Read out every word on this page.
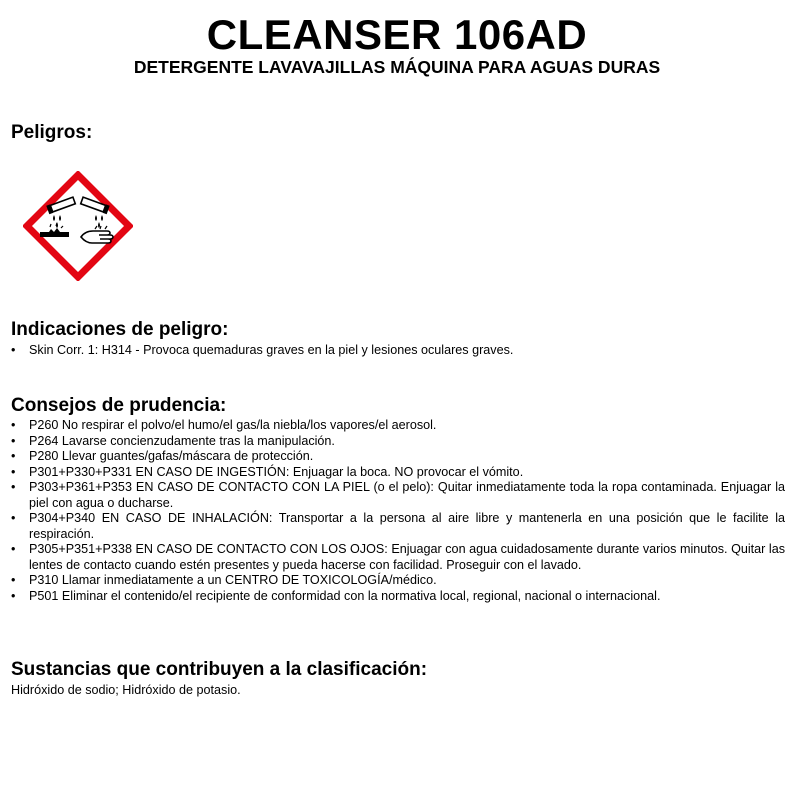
CLEANSER 106AD
DETERGENTE LAVAVAJILLAS MÁQUINA PARA AGUAS DURAS
Peligros:
Indicaciones de peligro:
• Skin Corr. 1: H314 - Provoca quemaduras graves en la piel y lesiones oculares graves.
Consejos de prudencia:
• P260 No respirar el polvo/el humo/el gas/la niebla/los vapores/el aerosol.
• P264 Lavarse concienzudamente tras la manipulación.
• P280 Llevar guantes/gafas/máscara de protección.
• P301+P330+P331 EN CASO DE INGESTIÓN: Enjuagar la boca. NO provocar el vómito.
• P303+P361+P353 EN CASO DE CONTACTO CON LA PIEL (o el pelo): Quitar inmediatamente toda la ropa contaminada. Enjuagar la piel con agua o ducharse.
• P304+P340 EN CASO DE INHALACIÓN: Transportar a la persona al aire libre y mantenerla en una posición que le facilite la respiración.
• P305+P351+P338 EN CASO DE CONTACTO CON LOS OJOS: Enjuagar con agua cuidadosamente durante varios minutos. Quitar las lentes de contacto cuando estén presentes y pueda hacerse con facilidad. Proseguir con el lavado.
• P310 Llamar inmediatamente a un CENTRO DE TOXICOLOGÍA/médico.
• P501 Eliminar el contenido/el recipiente de conformidad con la normativa local, regional, nacional o internacional.
Sustancias que contribuyen a la clasificación:
Hidróxido de sodio; Hidróxido de potasio.
